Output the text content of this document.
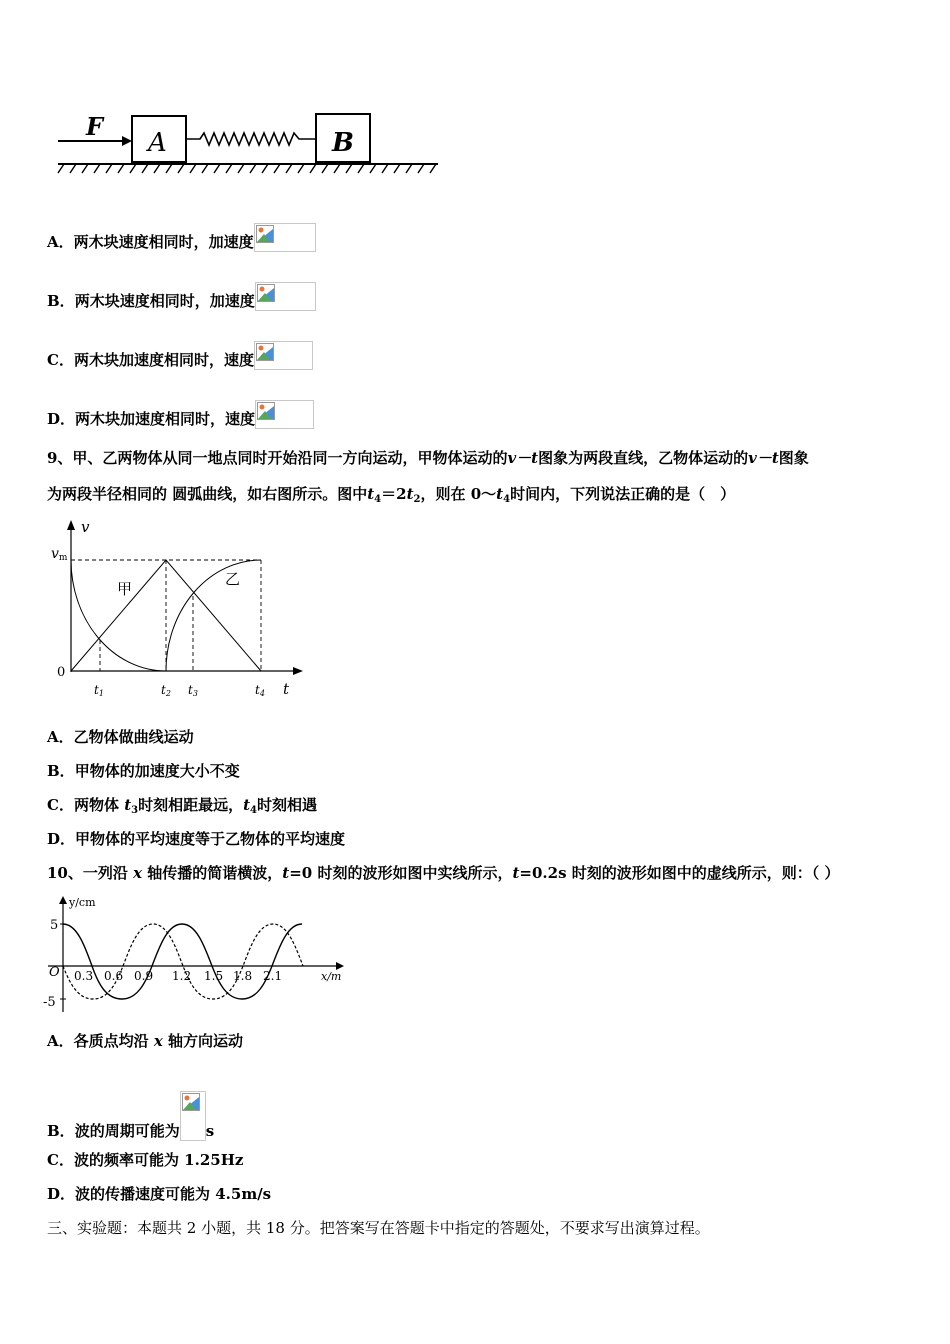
F
A	B
A．两木块速度相同时，加速度
B．两木块速度相同时，加速度
C．两木块加速度相同时，速度
D．两木块加速度相同时，速度
9、甲、乙两物体从同一地点同时开始沿同一方向运动，甲物体运动的v－t图象为两段直线，乙物体运动的v－t图象
为两段半径相同的 圆弧曲线，如右图所示。图中$t_4=2t_2$，则在 $0\sim t_4$时间内，下列说法正确的是（　）
v
t
vm
0
甲
乙
t1	t2 t3	t4
A．乙物体做曲线运动
B．甲物体的加速度大小不变
C．两物体 $t_3$时刻相距最远，$t_4$时刻相遇
D．甲物体的平均速度等于乙物体的平均速度
10、一列沿 x 轴传播的简谐横波，t=0 时刻的波形如图中实线所示，t=0.2s 时刻的波形如图中的虚线所示，则：（ ）
y/cm
x/m
O
5
-5
0.3 0.6 0.9 1.2 1.5 1.8 2.1
A．各质点均沿 x 轴方向运动
B．波的周期可能为 s
C．波的频率可能为 1.25Hz
D．波的传播速度可能为 4.5m/s
三、实验题：本题共 2 小题，共 18 分。把答案写在答题卡中指定的答题处，不要求写出演算过程。
